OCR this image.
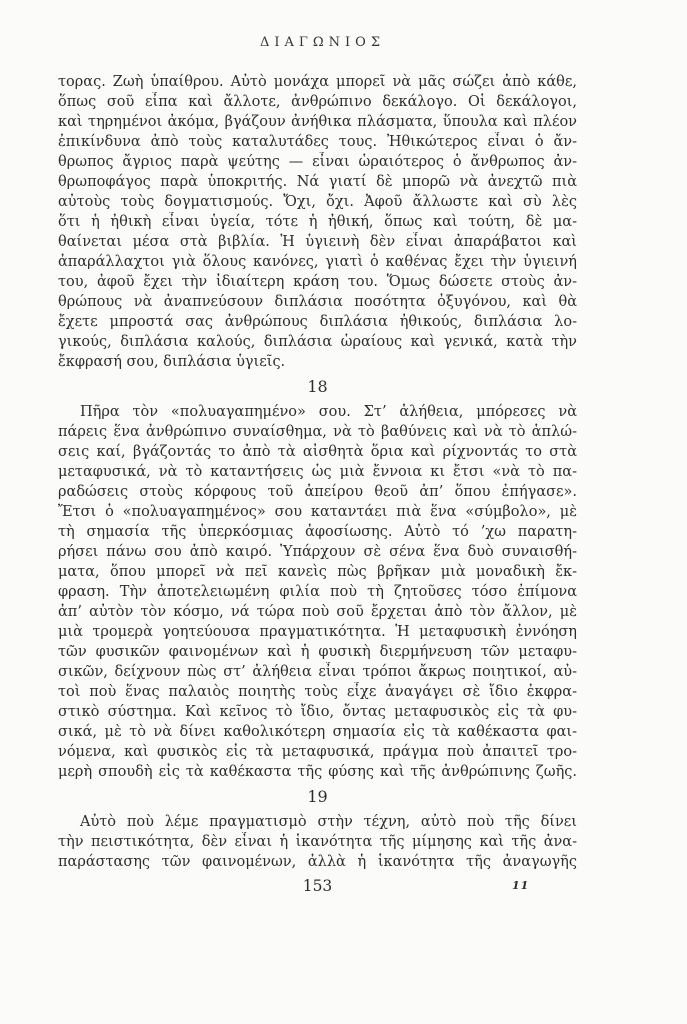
ΔΙΑΓΩΝΙΟΣ
τορας. Ζωὴ ὑπαίθρου. Αὐτὸ μονάχα μπορεῖ νὰ μᾶς σώζει ἀπὸ κάθε,
ὅπως σοῦ εἶπα καὶ ἄλλοτε, ἀνθρώπινο δεκάλογο. Οἱ δεκάλογοι,
καὶ τηρημένοι ἀκόμα, βγάζουν ἀνήθικα πλάσματα, ὕπουλα καὶ πλέον
ἐπικίνδυνα ἀπὸ τοὺς καταλυτάδες τους. Ἠθικώτερος εἶναι ὁ ἄν-
θρωπος ἄγριος παρὰ ψεύτης — εἶναι ὡραιότερος ὁ ἄνθρωπος ἀν-
θρωποφάγος παρὰ ὑποκριτής. Νά γιατί δὲ μπορῶ νὰ ἀνεχτῶ πιὰ
αὐτοὺς τοὺς δογματισμούς. Ὄχι, ὄχι. Ἀφοῦ ἄλλωστε καὶ σὺ λὲς
ὅτι ἡ ἠθικὴ εἶναι ὑγεία, τότε ἡ ἠθική, ὅπως καὶ τούτη, δὲ μα-
θαίνεται μέσα στὰ βιβλία. Ἡ ὑγιεινὴ δὲν εἶναι ἀπαράβατοι καὶ
ἀπαράλλαχτοι γιὰ ὅλους κανόνες, γιατὶ ὁ καθένας ἔχει τὴν ὑγιεινή
του, ἀφοῦ ἔχει τὴν ἰδιαίτερη κράση του. Ὅμως δώσετε στοὺς ἀν-
θρώπους νὰ ἀναπνεύσουν διπλάσια ποσότητα ὀξυγόνου, καὶ θὰ
ἔχετε μπροστά σας ἀνθρώπους διπλάσια ἠθικούς, διπλάσια λο-
γικούς, διπλάσια καλούς, διπλάσια ὡραίους καὶ γενικά, κατὰ τὴν
ἔκφρασή σου, διπλάσια ὑγιεῖς.
18
Πῆρα τὸν «πολυαγαπημένο» σου. Στ’ ἀλήθεια, μπόρεσες νὰ
πάρεις ἕνα ἀνθρώπινο συναίσθημα, νὰ τὸ βαθύνεις καὶ νὰ τὸ ἁπλώ-
σεις καί, βγάζοντάς το ἀπὸ τὰ αἰσθητὰ ὅρια καὶ ρίχνοντάς το στὰ
μεταφυσικά, νὰ τὸ καταντήσεις ὡς μιὰ ἔννοια κι ἔτσι «νὰ τὸ πα-
ραδώσεις στοὺς κόρφους τοῦ ἀπείρου θεοῦ ἀπ’ ὅπου ἐπήγασε».
Ἔτσι ὁ «πολυαγαπημένος» σου καταντάει πιὰ ἕνα «σύμβολο», μὲ
τὴ σημασία τῆς ὑπερκόσμιας ἀφοσίωσης. Αὐτὸ τό ’χω παρατη-
ρήσει πάνω σου ἀπὸ καιρό. Ὑπάρχουν σὲ σένα ἕνα δυὸ συναισθή-
ματα, ὅπου μπορεῖ νὰ πεῖ κανεὶς πὼς βρῆκαν μιὰ μοναδικὴ ἔκ-
φραση. Τὴν ἀποτελειωμένη φιλία ποὺ τὴ ζητοῦσες τόσο ἐπίμονα
ἀπ’ αὐτὸν τὸν κόσμο, νά τώρα ποὺ σοῦ ἔρχεται ἀπὸ τὸν ἄλλον, μὲ
μιὰ τρομερὰ γοητεύουσα πραγματικότητα. Ἡ μεταφυσικὴ ἐννόηση
τῶν φυσικῶν φαινομένων καὶ ἡ φυσικὴ διερμήνευση τῶν μεταφυ-
σικῶν, δείχνουν πὼς στ’ ἀλήθεια εἶναι τρόποι ἄκρως ποιητικοί, αὐ-
τοὶ ποὺ ἕνας παλαιὸς ποιητὴς τοὺς εἶχε ἀναγάγει σὲ ἴδιο ἐκφρα-
στικὸ σύστημα. Καὶ κεῖνος τὸ ἴδιο, ὄντας μεταφυσικὸς εἰς τὰ φυ-
σικά, μὲ τὸ νὰ δίνει καθολικότερη σημασία εἰς τὰ καθέκαστα φαι-
νόμενα, καὶ φυσικὸς εἰς τὰ μεταφυσικά, πράγμα ποὺ ἀπαιτεῖ τρο-
μερὴ σπουδὴ εἰς τὰ καθέκαστα τῆς φύσης καὶ τῆς ἀνθρώπινης ζωῆς.
19
Αὐτὸ ποὺ λέμε πραγματισμὸ στὴν τέχνη, αὐτὸ ποὺ τῆς δίνει
τὴν πειστικότητα, δὲν εἶναι ἡ ἱκανότητα τῆς μίμησης καὶ τῆς ἀνα-
παράστασης τῶν φαινομένων, ἀλλὰ ἡ ἱκανότητα τῆς ἀναγωγῆς
153	11
